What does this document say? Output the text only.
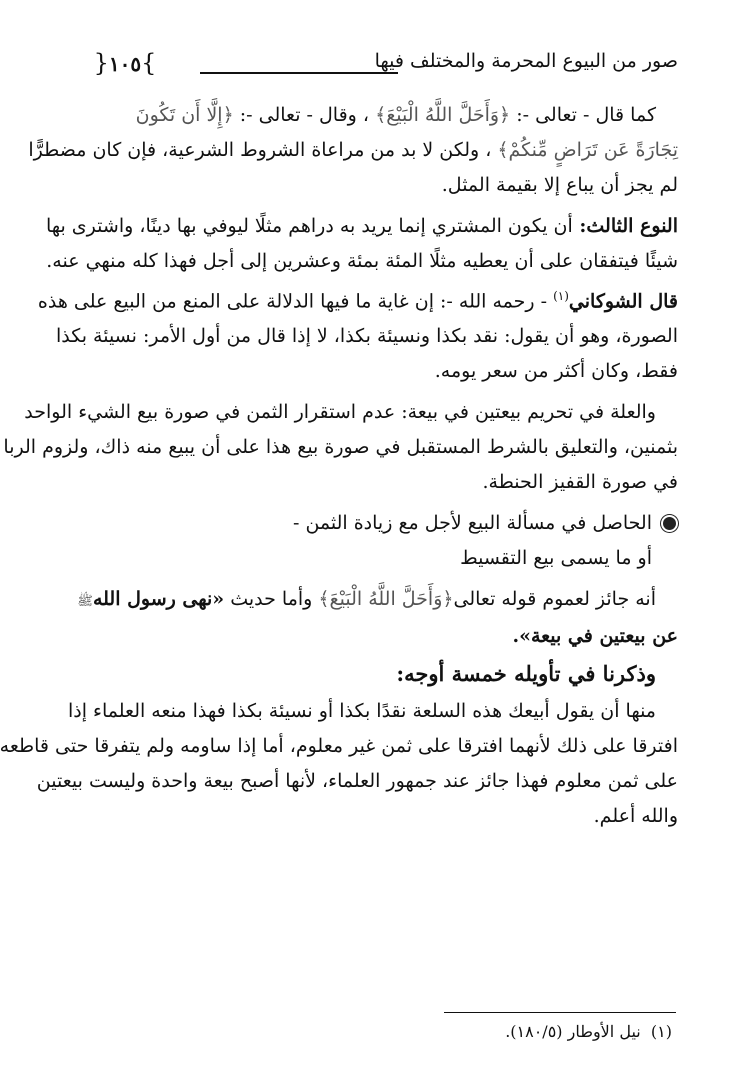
صور من البيوع المحرمة والمختلف فيها
}١٠٥{
كما قال - تعالى -: ﴿وَأَحَلَّ اللَّهُ الْبَيْعَ﴾ ، وقال - تعالى -: ﴿إِلَّا أَن تَكُونَ
تِجَارَةً عَن تَرَاضٍ مِّنكُمْ﴾ ، ولكن لا بد من مراعاة الشروط الشرعية، فإن كان مضطرًّا
لم يجز أن يباع إلا بقيمة المثل.
النوع الثالث: أن يكون المشتري إنما يريد به دراهم مثلًا ليوفي بها دينًا، واشترى بها
شيئًا فيتفقان على أن يعطيه مثلًا المئة بمئة وعشرين إلى أجل فهذا كله منهي عنه.
قال الشوكاني$^{(١)}$ - رحمه الله -: إن غاية ما فيها الدلالة على المنع من البيع على هذه
الصورة، وهو أن يقول: نقد بكذا ونسيئة بكذا، لا إذا قال من أول الأمر: نسيئة بكذا
فقط، وكان أكثر من سعر يومه.
والعلة في تحريم بيعتين في بيعة: عدم استقرار الثمن في صورة بيع الشيء الواحد
بثمنين، والتعليق بالشرط المستقبل في صورة بيع هذا على أن يبيع منه ذاك، ولزوم الربا
في صورة القفيز الحنطة.
الحاصل في مسألة البيع لأجل مع زيادة الثمن -
أو ما يسمى بيع التقسيط
أنه جائز لعموم قوله تعالى﴿وَأَحَلَّ اللَّهُ الْبَيْعَ﴾ وأما حديث «نهى رسول اللهﷺ
عن بيعتين في بيعة».
وذكرنا في تأويله خمسة أوجه:
منها أن يقول أبيعك هذه السلعة نقدًا بكذا أو نسيئة بكذا فهذا منعه العلماء إذا
افترقا على ذلك لأنهما افترقا على ثمن غير معلوم، أما إذا ساومه ولم يتفرقا حتى قاطعه
على ثمن معلوم فهذا جائز عند جمهور العلماء، لأنها أصبح بيعة واحدة وليست بيعتين
والله أعلم.
(١)  نيل الأوطار (١٨٠/٥).
